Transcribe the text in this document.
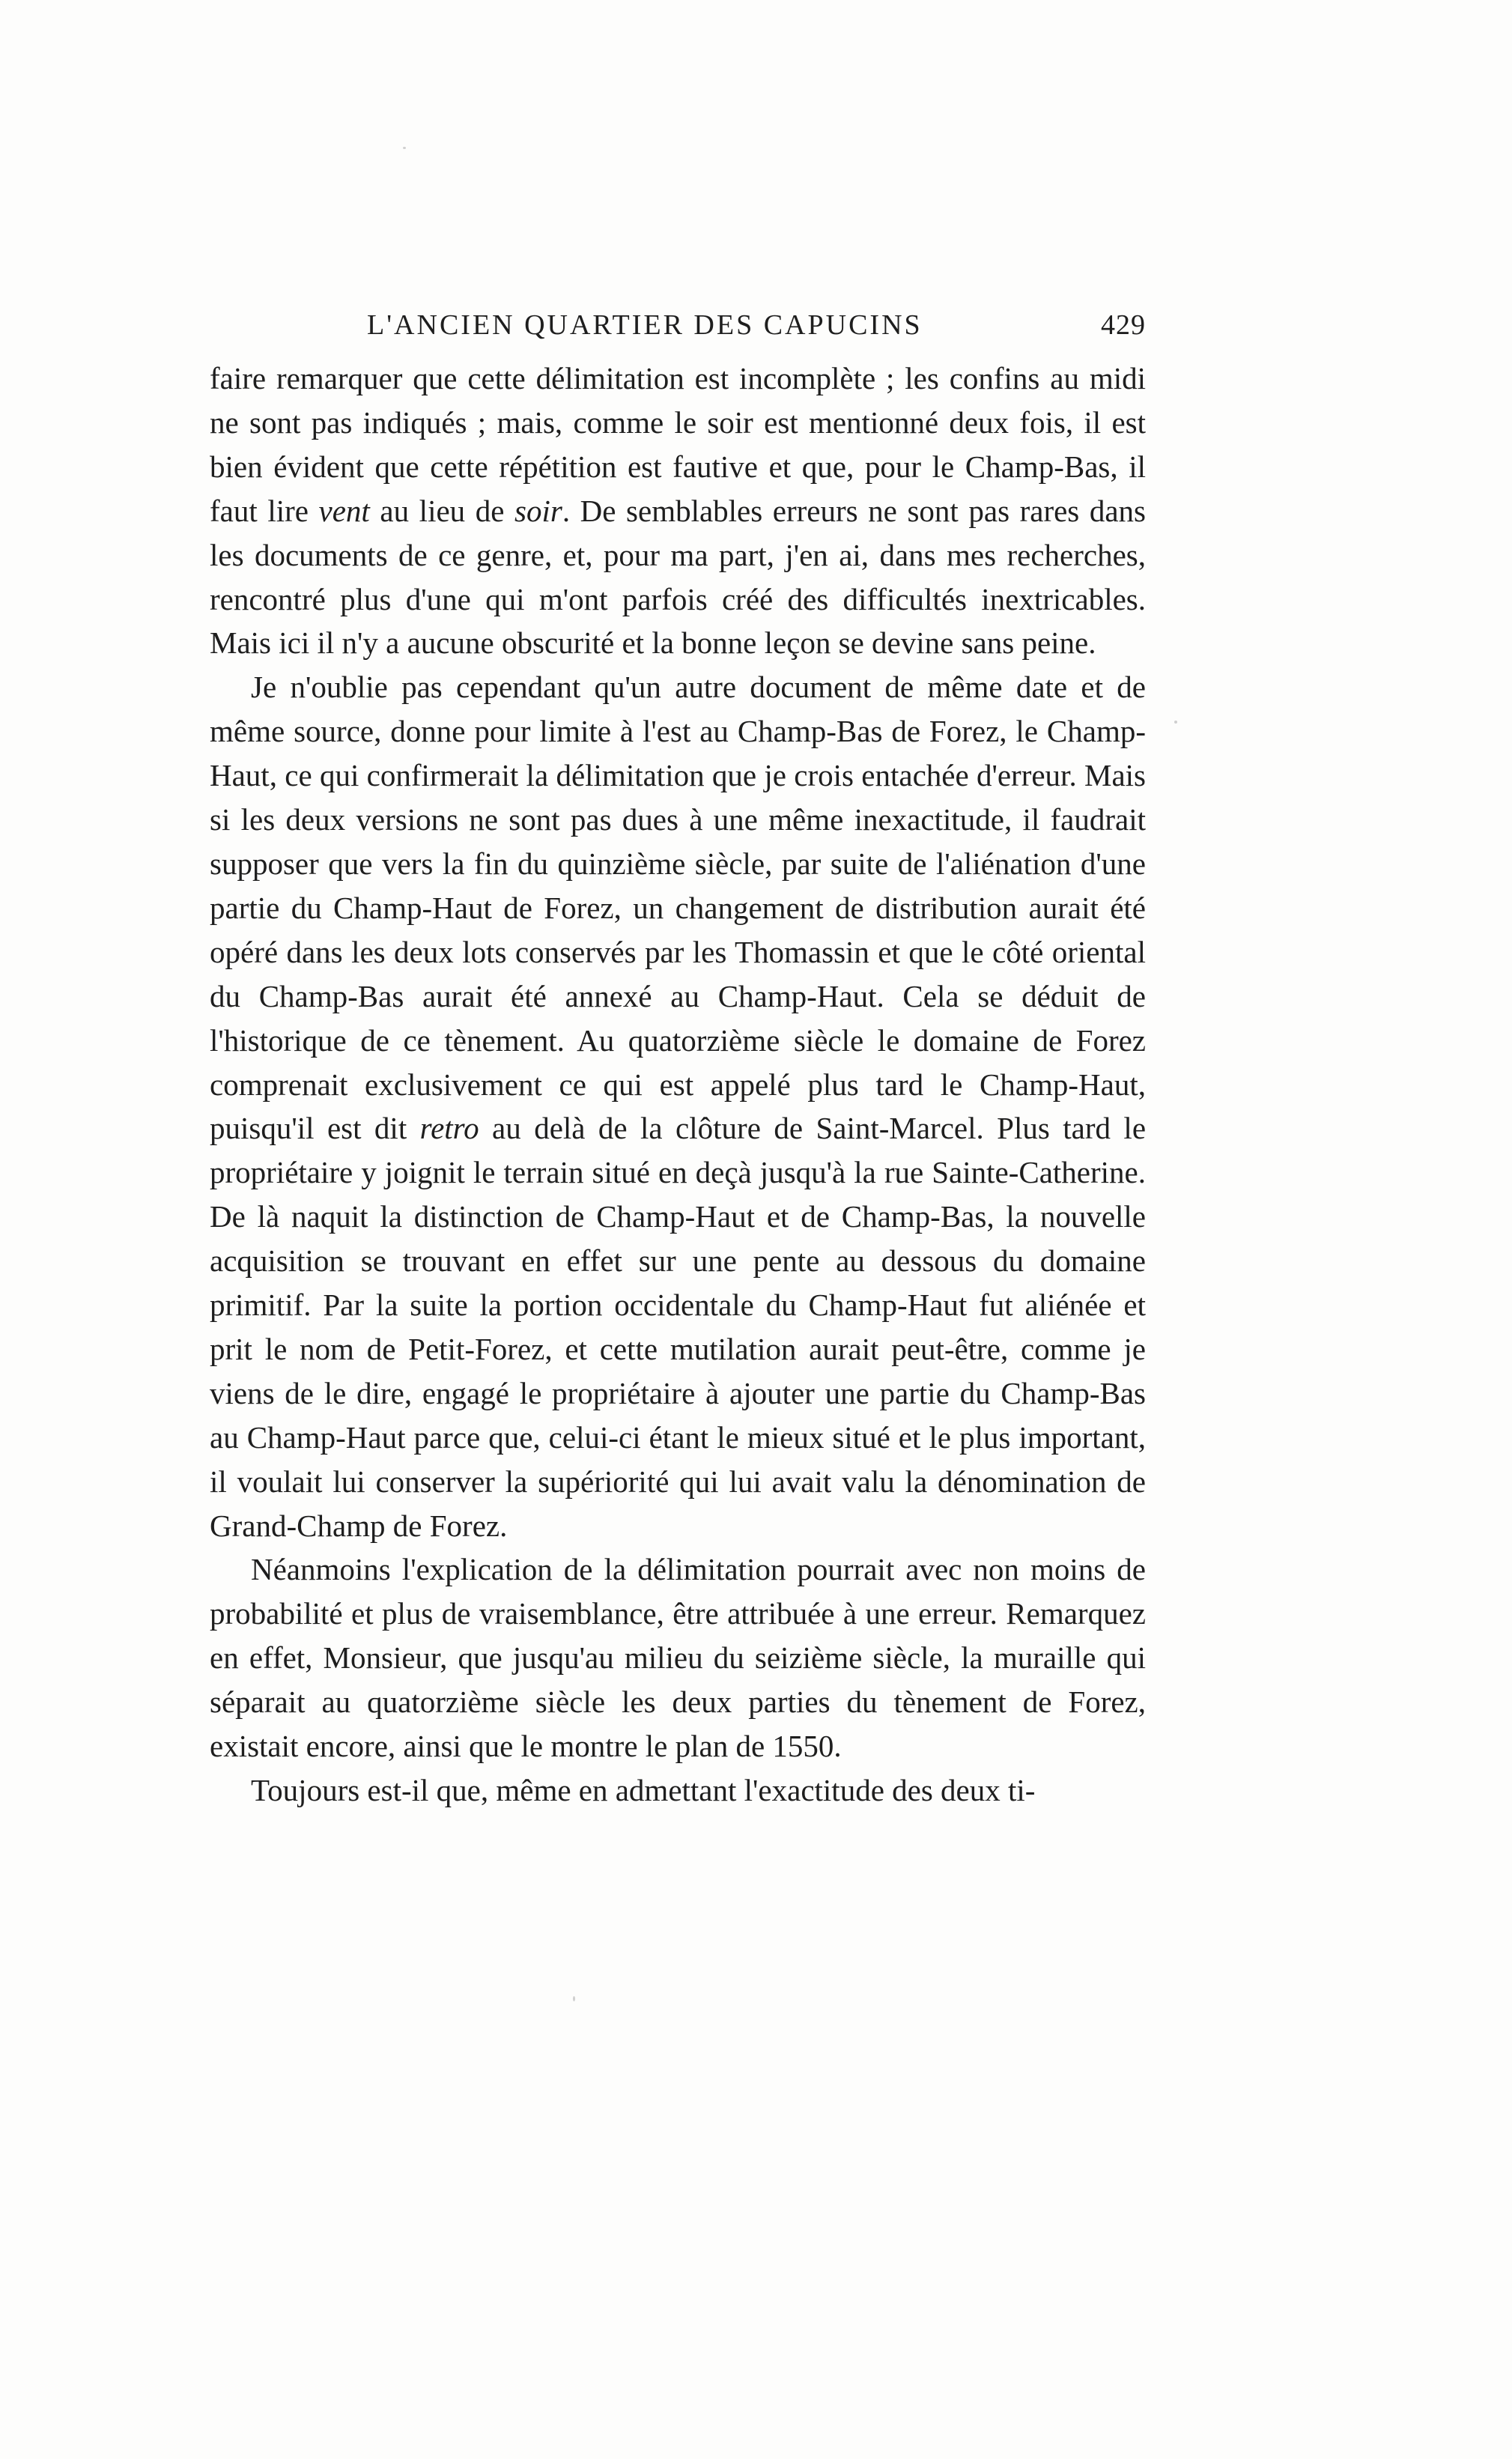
L'ANCIEN QUARTIER DES CAPUCINS	429

faire remarquer que cette délimitation est incomplète ; les confins au midi ne sont pas indiqués ; mais, comme le soir est mentionné deux fois, il est bien évident que cette répétition est fautive et que, pour le Champ-Bas, il faut lire vent au lieu de soir. De semblables erreurs ne sont pas rares dans les documents de ce genre, et, pour ma part, j'en ai, dans mes recherches, rencontré plus d'une qui m'ont parfois créé des difficultés inextricables. Mais ici il n'y a aucune obscurité et la bonne leçon se devine sans peine.

Je n'oublie pas cependant qu'un autre document de même date et de même source, donne pour limite à l'est au Champ-Bas de Forez, le Champ-Haut, ce qui confirmerait la délimitation que je crois entachée d'erreur. Mais si les deux versions ne sont pas dues à une même inexactitude, il faudrait supposer que vers la fin du quinzième siècle, par suite de l'aliénation d'une partie du Champ-Haut de Forez, un changement de distribution aurait été opéré dans les deux lots conservés par les Thomassin et que le côté oriental du Champ-Bas aurait été annexé au Champ-Haut. Cela se déduit de l'historique de ce tènement. Au quatorzième siècle le domaine de Forez comprenait exclusivement ce qui est appelé plus tard le Champ-Haut, puisqu'il est dit retro au delà de la clôture de Saint-Marcel. Plus tard le propriétaire y joignit le terrain situé en deçà jusqu'à la rue Sainte-Catherine. De là naquit la distinction de Champ-Haut et de Champ-Bas, la nouvelle acquisition se trouvant en effet sur une pente au dessous du domaine primitif. Par la suite la portion occidentale du Champ-Haut fut aliénée et prit le nom de Petit-Forez, et cette mutilation aurait peut-être, comme je viens de le dire, engagé le propriétaire à ajouter une partie du Champ-Bas au Champ-Haut parce que, celui-ci étant le mieux situé et le plus important, il voulait lui conserver la supériorité qui lui avait valu la dénomination de Grand-Champ de Forez.

Néanmoins l'explication de la délimitation pourrait avec non moins de probabilité et plus de vraisemblance, être attribuée à une erreur. Remarquez en effet, Monsieur, que jusqu'au milieu du seizième siècle, la muraille qui séparait au quatorzième siècle les deux parties du tènement de Forez, existait encore, ainsi que le montre le plan de 1550.

Toujours est-il que, même en admettant l'exactitude des deux ti-
